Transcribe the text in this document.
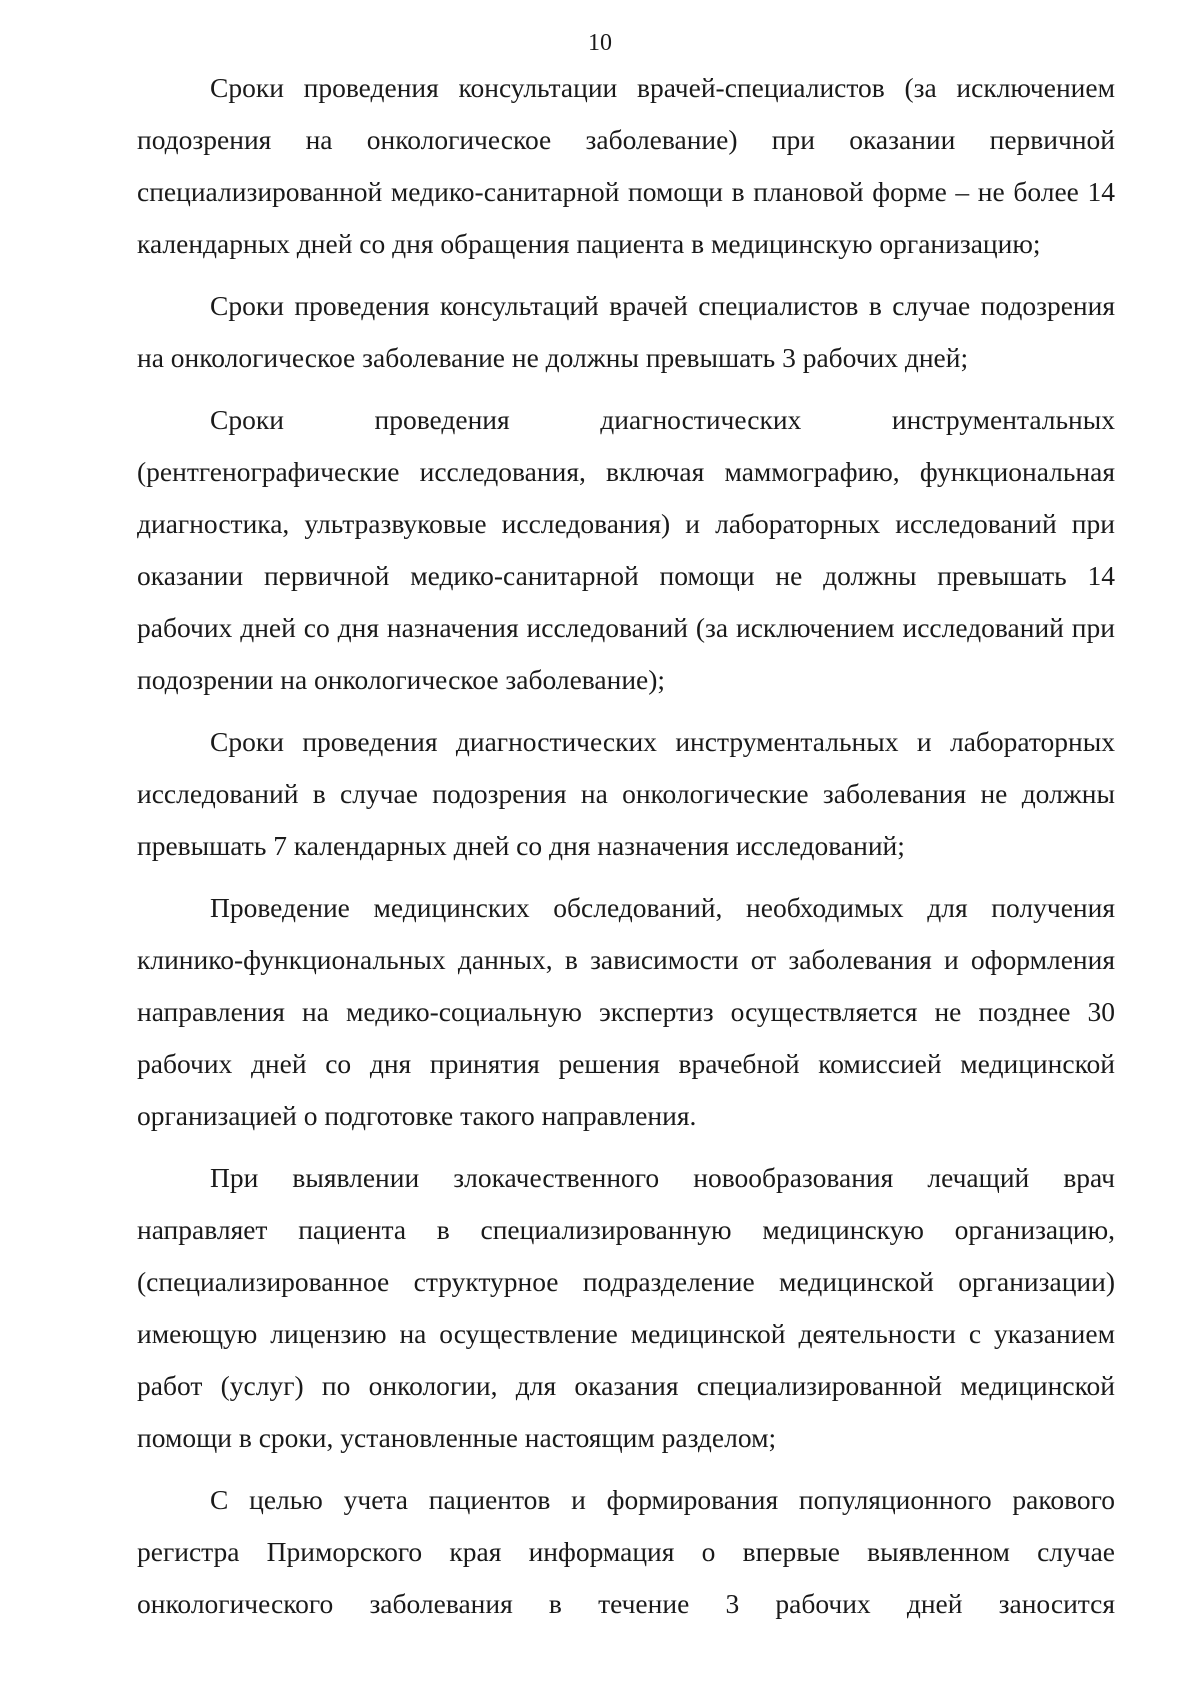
10

Сроки проведения консультации врачей-специалистов (за исключением подозрения на онкологическое заболевание) при оказании первичной специализированной медико-санитарной помощи в плановой форме – не более 14 календарных дней со дня обращения пациента в медицинскую организацию;

Сроки проведения консультаций врачей специалистов в случае подозрения на онкологическое заболевание не должны превышать 3 рабочих дней;

Сроки проведения диагностических инструментальных (рентгенографические исследования, включая маммографию, функциональная диагностика, ультразвуковые исследования) и лабораторных исследований при оказании первичной медико-санитарной помощи не должны превышать 14 рабочих дней со дня назначения исследований (за исключением исследований при подозрении на онкологическое заболевание);

Сроки проведения диагностических инструментальных и лабораторных исследований в случае подозрения на онкологические заболевания не должны превышать 7 календарных дней со дня назначения исследований;

Проведение медицинских обследований, необходимых для получения клинико-функциональных данных, в зависимости от заболевания и оформления направления на медико-социальную экспертиз осуществляется не позднее 30 рабочих дней со дня принятия решения врачебной комиссией медицинской организацией о подготовке такого направления.

При выявлении злокачественного новообразования лечащий врач направляет пациента в специализированную медицинскую организацию, (специализированное структурное подразделение медицинской организации) имеющую лицензию на осуществление медицинской деятельности с указанием работ (услуг) по онкологии, для оказания специализированной медицинской помощи в сроки, установленные настоящим разделом;

С целью учета пациентов и формирования популяционного ракового регистра Приморского края информация о впервые выявленном случае онкологического заболевания в течение 3 рабочих дней заносится
